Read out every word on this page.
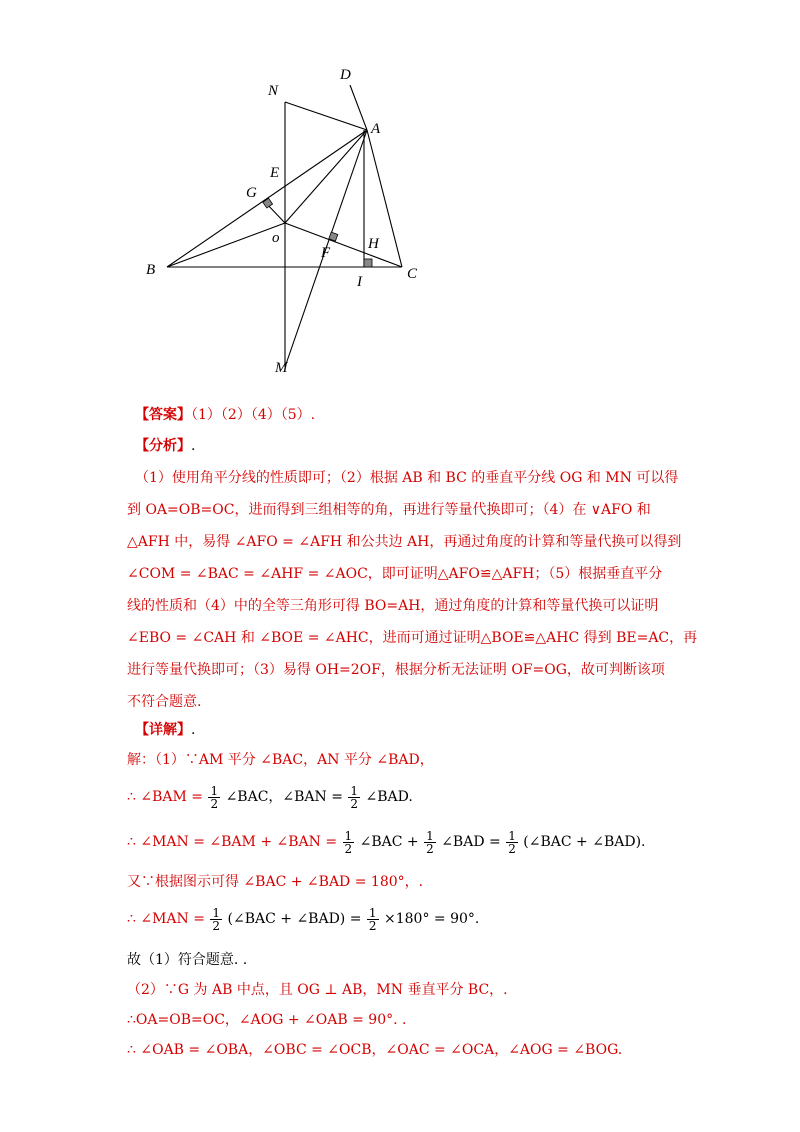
D
N
A
E
G
o
F
H
B
I	C
M
【答案】（1）（2）（4）（5）.
【分析】.
（1）使用角平分线的性质即可；（2）根据 AB 和 BC 的垂直平分线 OG 和 MN 可以得
到 OA=OB=OC，进而得到三组相等的角，再进行等量代换即可；（4）在 ∨AFO 和
△AFH 中，易得 ∠AFO = ∠AFH 和公共边 AH，再通过角度的计算和等量代换可以得到
∠COM = ∠BAC = ∠AHF = ∠AOC，即可证明△AFO≌△AFH；（5）根据垂直平分
线的性质和（4）中的全等三角形可得 BO=AH，通过角度的计算和等量代换可以证明
∠EBO = ∠CAH 和 ∠BOE = ∠AHC，进而可通过证明△BOE≌△AHC 得到 BE=AC，再
进行等量代换即可；（3）易得 OH=2OF，根据分析无法证明 OF=OG，故可判断该项
不符合题意.
【详解】.
解：（1）∵AM 平分 ∠BAC，AN 平分 ∠BAD，
∴ ∠BAM = $\frac{1}{2}$ ∠BAC，∠BAN = $\frac{1}{2}$ ∠BAD.
∴ ∠MAN = ∠BAM + ∠BAN = $\frac{1}{2}$ ∠BAC + $\frac{1}{2}$ ∠BAD = $\frac{1}{2}$ (∠BAC + ∠BAD).
又∵根据图示可得 ∠BAC + ∠BAD = 180°，.
∴ ∠MAN = $\frac{1}{2}$ (∠BAC + ∠BAD) = $\frac{1}{2} \times 180^\circ = 90^\circ$.
故（1）符合题意. .
（2）∵G 为 AB 中点，且 OG ⊥ AB，MN 垂直平分 BC，.
∴OA=OB=OC，∠AOG + ∠OAB = 90°. .
∴ ∠OAB = ∠OBA，∠OBC = ∠OCB，∠OAC = ∠OCA，∠AOG = ∠BOG.
